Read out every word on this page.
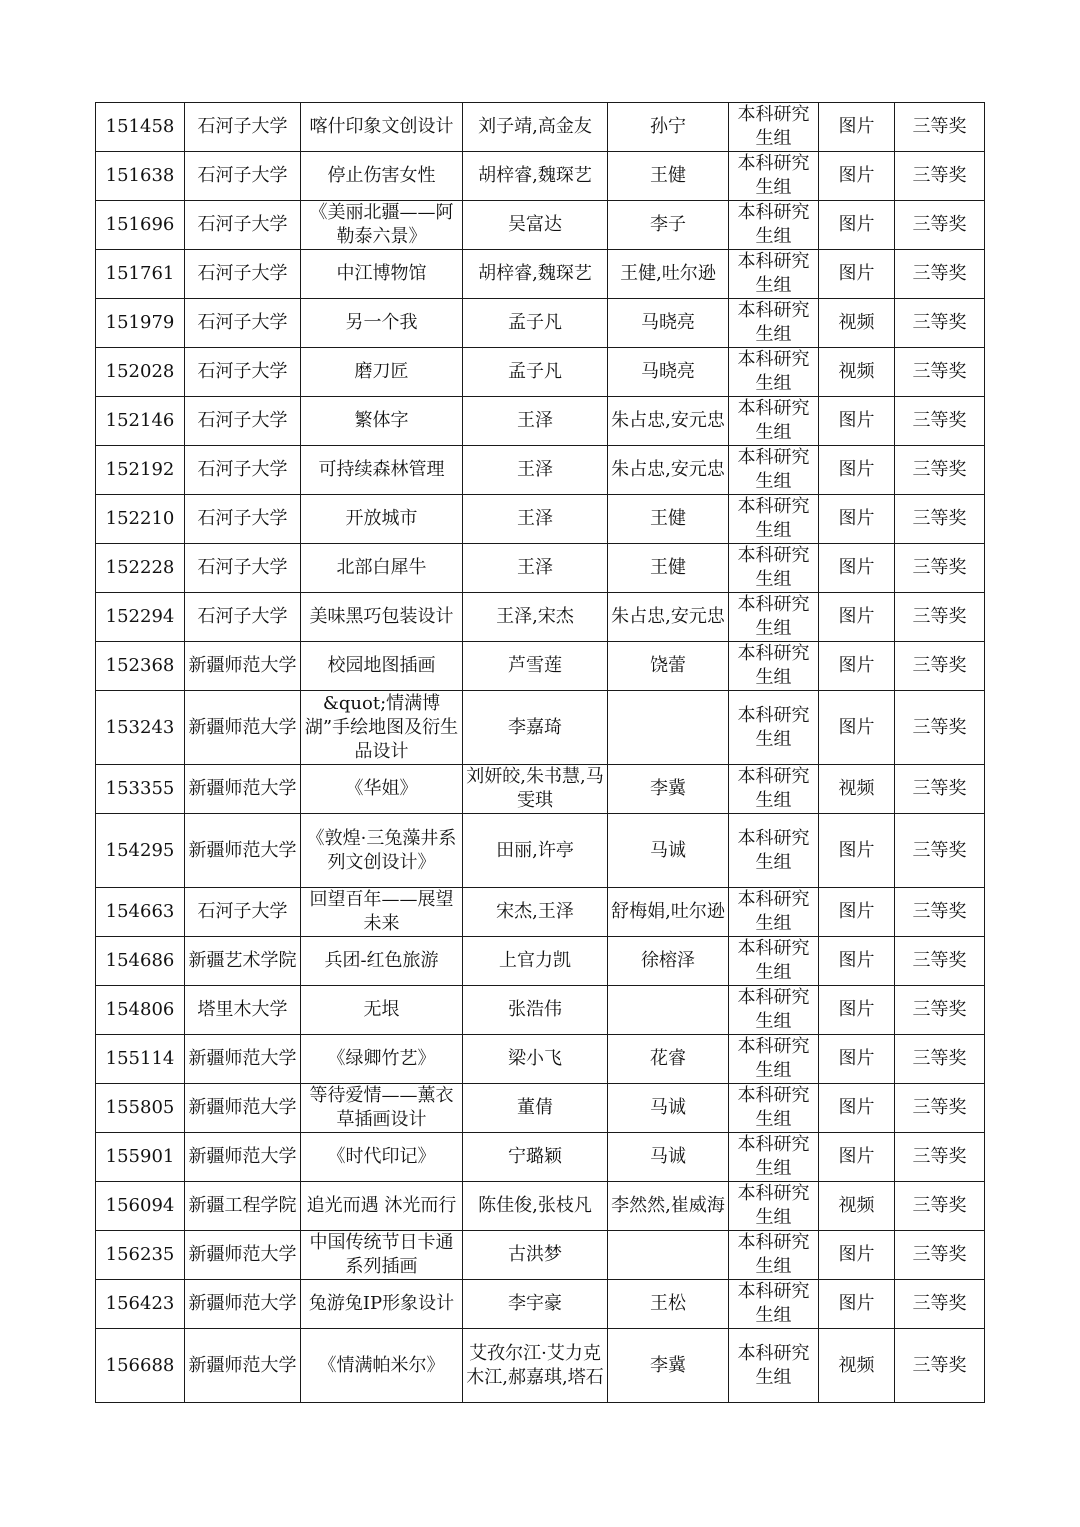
151458	石河子大学	喀什印象文创设计	刘子靖,高金友	孙宁	本科研究生组	图片	三等奖
151638	石河子大学	停止伤害女性	胡梓睿,魏琛艺	王健	本科研究生组	图片	三等奖
151696	石河子大学	《美丽北疆——阿勒泰六景》	吴富达	李子	本科研究生组	图片	三等奖
151761	石河子大学	中江博物馆	胡梓睿,魏琛艺	王健,吐尔逊	本科研究生组	图片	三等奖
151979	石河子大学	另一个我	孟子凡	马晓亮	本科研究生组	视频	三等奖
152028	石河子大学	磨刀匠	孟子凡	马晓亮	本科研究生组	视频	三等奖
152146	石河子大学	繁体字	王泽	朱占忠,安元忠	本科研究生组	图片	三等奖
152192	石河子大学	可持续森林管理	王泽	朱占忠,安元忠	本科研究生组	图片	三等奖
152210	石河子大学	开放城市	王泽	王健	本科研究生组	图片	三等奖
152228	石河子大学	北部白犀牛	王泽	王健	本科研究生组	图片	三等奖
152294	石河子大学	美味黑巧包装设计	王泽,宋杰	朱占忠,安元忠	本科研究生组	图片	三等奖
152368	新疆师范大学	校园地图插画	芦雪莲	饶蕾	本科研究生组	图片	三等奖
153243	新疆师范大学	&quot;情满博湖”手绘地图及衍生品设计	李嘉琦		本科研究生组	图片	三等奖
153355	新疆师范大学	《华姐》	刘妍皎,朱书慧,马雯琪	李冀	本科研究生组	视频	三等奖
154295	新疆师范大学	《敦煌·三兔藻井系列文创设计》	田丽,许亭	马诚	本科研究生组	图片	三等奖
154663	石河子大学	回望百年——展望未来	宋杰,王泽	舒梅娟,吐尔逊	本科研究生组	图片	三等奖
154686	新疆艺术学院	兵团-红色旅游	上官力凯	徐榕泽	本科研究生组	图片	三等奖
154806	塔里木大学	无垠	张浩伟		本科研究生组	图片	三等奖
155114	新疆师范大学	《绿卿竹艺》	梁小飞	花睿	本科研究生组	图片	三等奖
155805	新疆师范大学	等待爱情——薰衣草插画设计	董倩	马诚	本科研究生组	图片	三等奖
155901	新疆师范大学	《时代印记》	宁璐颖	马诚	本科研究生组	图片	三等奖
156094	新疆工程学院	追光而遇 沐光而行	陈佳俊,张枝凡	李然然,崔威海	本科研究生组	视频	三等奖
156235	新疆师范大学	中国传统节日卡通系列插画	古洪梦		本科研究生组	图片	三等奖
156423	新疆师范大学	兔游兔IP形象设计	李宇豪	王松	本科研究生组	图片	三等奖
156688	新疆师范大学	《情满帕米尔》	艾孜尔江·艾力克木江,郝嘉琪,塔石	李冀	本科研究生组	视频	三等奖
